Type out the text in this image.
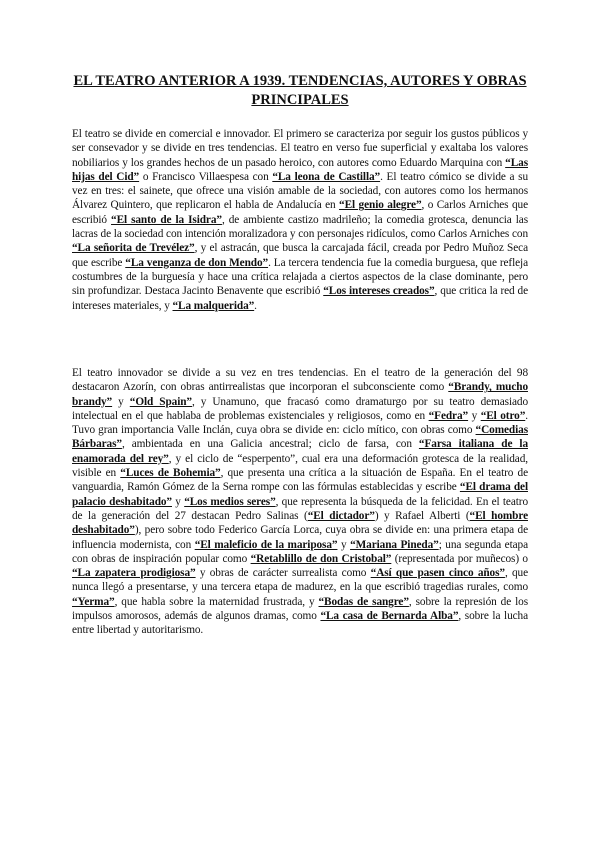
EL TEATRO ANTERIOR A 1939. TENDENCIAS, AUTORES Y OBRAS PRINCIPALES

El teatro se divide en comercial e innovador. El primero se caracteriza por seguir los gustos públicos y ser consevador y se divide en tres tendencias. El teatro en verso fue superficial y exaltaba los valores nobiliarios y los grandes hechos de un pasado heroico, con autores como Eduardo Marquina con “Las hijas del Cid” o Francisco Villaespesa con “La leona de Castilla”. El teatro cómico se divide a su vez en tres: el sainete, que ofrece una visión amable de la sociedad, con autores como los hermanos Álvarez Quintero, que replicaron el habla de Andalucía en “El genio alegre”, o Carlos Arniches que escribió “El santo de la Isidra”, de ambiente castizo madrileño; la comedia grotesca, denuncia las lacras de la sociedad con intención moralizadora y con personajes ridículos, como Carlos Arniches con “La señorita de Trevélez”, y el astracán, que busca la carcajada fácil, creada por Pedro Muñoz Seca que escribe “La venganza de don Mendo”. La tercera tendencia fue la comedia burguesa, que refleja costumbres de la burguesía y hace una crítica relajada a ciertos aspectos de la clase dominante, pero sin profundizar. Destaca Jacinto Benavente que escribió “Los intereses creados”, que critica la red de intereses materiales, y “La malquerida”.

El teatro innovador se divide a su vez en tres tendencias. En el teatro de la generación del 98 destacaron Azorín, con obras antirrealistas que incorporan el subconsciente como “Brandy, mucho brandy” y “Old Spain”, y Unamuno, que fracasó como dramaturgo por su teatro demasiado intelectual en el que hablaba de problemas existenciales y religiosos, como en “Fedra” y “El otro”. Tuvo gran importancia Valle Inclán, cuya obra se divide en: ciclo mítico, con obras como “Comedias Bárbaras”, ambientada en una Galicia ancestral; ciclo de farsa, con “Farsa italiana de la enamorada del rey”, y el ciclo de “esperpento”, cual era una deformación grotesca de la realidad, visible en “Luces de Bohemia”, que presenta una crítica a la situación de España. En el teatro de vanguardia, Ramón Gómez de la Serna rompe con las fórmulas establecidas y escribe “El drama del palacio deshabitado” y “Los medios seres”, que representa la búsqueda de la felicidad. En el teatro de la generación del 27 destacan Pedro Salinas (“El dictador”) y Rafael Alberti (“El hombre deshabitado”), pero sobre todo Federico García Lorca, cuya obra se divide en: una primera etapa de influencia modernista, con “El maleficio de la mariposa” y “Mariana Pineda”; una segunda etapa con obras de inspiración popular como “Retablillo de don Cristobal” (representada por muñecos) o “La zapatera prodigiosa” y obras de carácter surrealista como “Así que pasen cinco años”, que nunca llegó a presentarse, y una tercera etapa de madurez, en la que escribió tragedias rurales, como “Yerma”, que habla sobre la maternidad frustrada, y “Bodas de sangre”, sobre la represión de los impulsos amorosos, además de algunos dramas, como “La casa de Bernarda Alba”, sobre la lucha entre libertad y autoritarismo.
